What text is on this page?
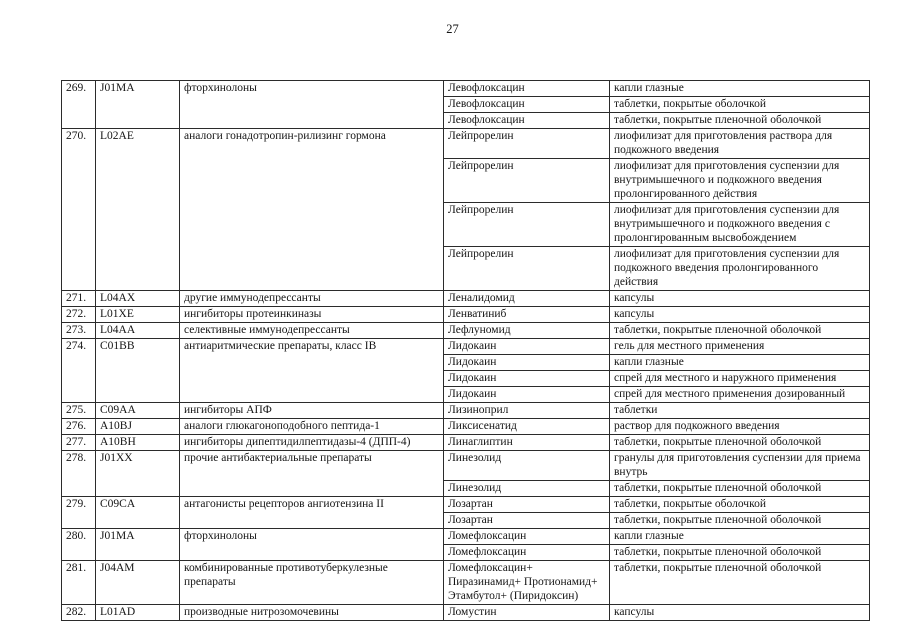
27
269.	J01MA	фторхинолоны	Левофлоксацин	капли глазные
			Левофлоксацин	таблетки, покрытые оболочкой
			Левофлоксацин	таблетки, покрытые пленочной оболочкой
270.	L02AE	аналоги гонадотропин-рилизинг гормона	Лейпрорелин	лиофилизат для приготовления раствора для подкожного введения
			Лейпрорелин	лиофилизат для приготовления суспензии для внутримышечного и подкожного введения пролонгированного действия
			Лейпрорелин	лиофилизат для приготовления суспензии для внутримышечного и подкожного введения с пролонгированным высвобождением
			Лейпрорелин	лиофилизат для приготовления суспензии для подкожного введения пролонгированного действия
271.	L04AX	другие иммунодепрессанты	Леналидомид	капсулы
272.	L01XE	ингибиторы протеинкиназы	Ленватиниб	капсулы
273.	L04AA	селективные иммунодепрессанты	Лефлуномид	таблетки, покрытые пленочной оболочкой
274.	C01BB	антиаритмические препараты, класс IB	Лидокаин	гель для местного применения
			Лидокаин	капли глазные
			Лидокаин	спрей для местного и наружного применения
			Лидокаин	спрей для местного применения дозированный
275.	C09AA	ингибиторы АПФ	Лизиноприл	таблетки
276.	A10BJ	аналоги глюкагоноподобного пептида-1	Ликсисенатид	раствор для подкожного введения
277.	A10BH	ингибиторы дипептидилпептидазы-4 (ДПП-4)	Линаглиптин	таблетки, покрытые пленочной оболочкой
278.	J01XX	прочие антибактериальные препараты	Линезолид	гранулы для приготовления суспензии для приема внутрь
			Линезолид	таблетки, покрытые пленочной оболочкой
279.	C09CA	антагонисты рецепторов ангиотензина II	Лозартан	таблетки, покрытые оболочкой
			Лозартан	таблетки, покрытые пленочной оболочкой
280.	J01MA	фторхинолоны	Ломефлоксацин	капли глазные
			Ломефлоксацин	таблетки, покрытые пленочной оболочкой
281.	J04AM	комбинированные противотуберкулезные препараты	Ломефлоксацин+ Пиразинамид+ Протионамид+ Этамбутол+ (Пиридоксин)	таблетки, покрытые пленочной оболочкой
282.	L01AD	производные нитрозомочевины	Ломустин	капсулы
